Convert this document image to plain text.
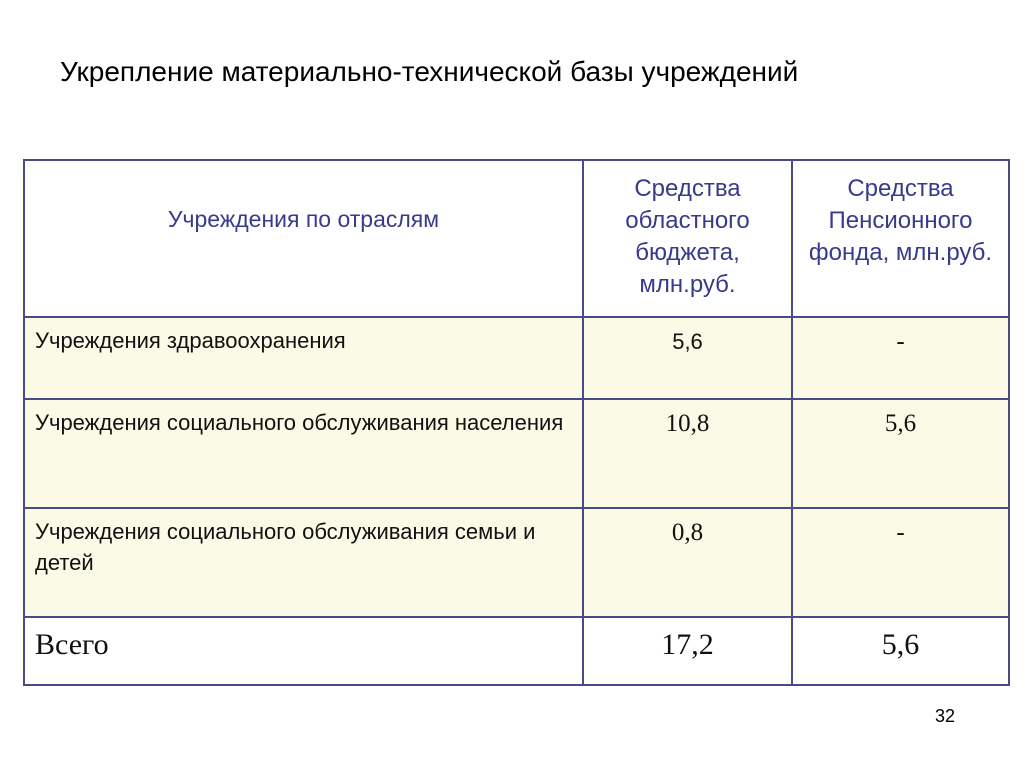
Укрепление материально-технической базы учреждений
Учреждения по отраслям	Средства областного бюджета, млн.руб.	Средства Пенсионного фонда, млн.руб.

Учреждения здравоохранения	5,6	-
Учреждения социального обслуживания населения	10,8	5,6
Учреждения социального обслуживания семьи и детей	0,8	-
Всего	17,2	5,6
32
